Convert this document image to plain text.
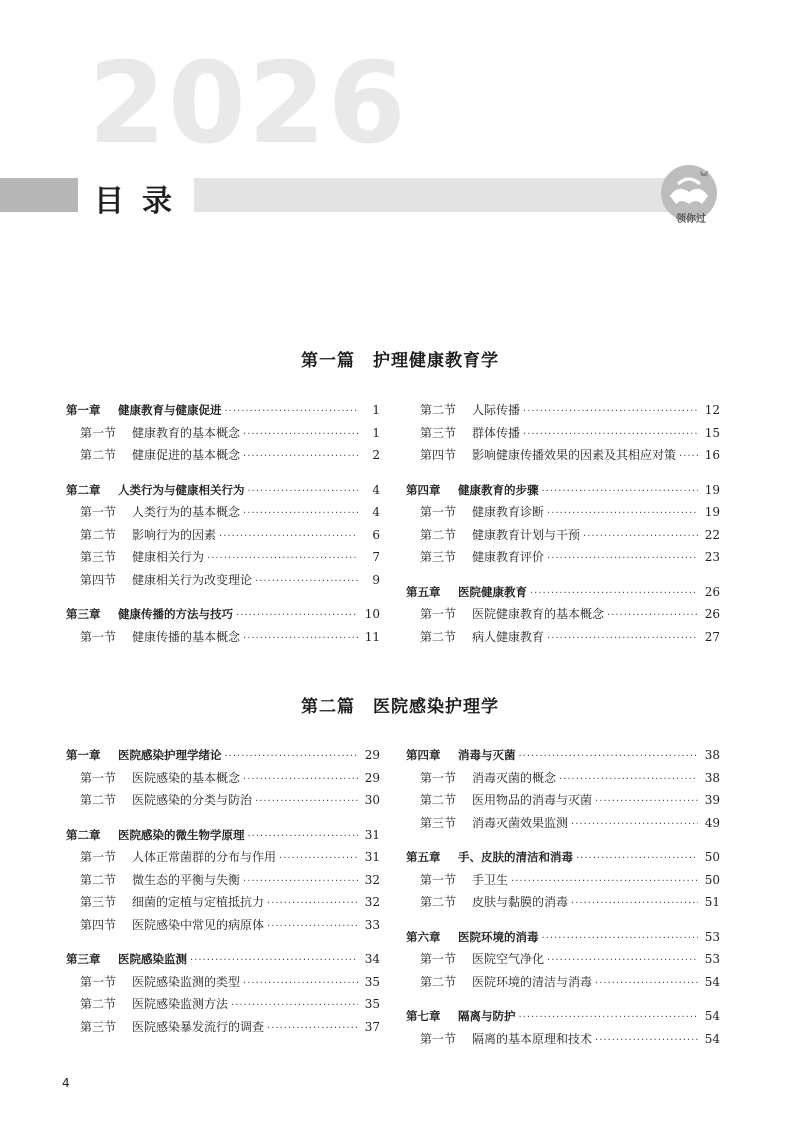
2026
目录
领你过
第一篇 护理健康教育学
第二篇 医院感染护理学
第一章	健康教育与健康促进 ·····	1
第一节	健康教育的基本概念 ·····	1
第二节	健康促进的基本概念 ·····	2
第二章	人类行为与健康相关行为 ·····	4
第一节	人类行为的基本概念 ·····	4
第二节	影响行为的因素 ·····	6
第三节	健康相关行为 ·····	7
第四节	健康相关行为改变理论 ·····	9
第三章	健康传播的方法与技巧 ·····	10
第一节	健康传播的基本概念 ·····	11
第二节	人际传播 ·····	12
第三节	群体传播 ·····	15
第四节	影响健康传播效果的因素及其相应对策 ·····	16
第四章	健康教育的步骤 ·····	19
第一节	健康教育诊断 ·····	19
第二节	健康教育计划与干预 ·····	22
第三节	健康教育评价 ·····	23
第五章	医院健康教育 ·····	26
第一节	医院健康教育的基本概念 ·····	26
第二节	病人健康教育 ·····	27
第一章	医院感染护理学绪论 ·····	29
第一节	医院感染的基本概念 ·····	29
第二节	医院感染的分类与防治 ·····	30
第二章	医院感染的微生物学原理 ·····	31
第一节	人体正常菌群的分布与作用 ·····	31
第二节	微生态的平衡与失衡 ·····	32
第三节	细菌的定植与定植抵抗力 ·····	32
第四节	医院感染中常见的病原体 ·····	33
第三章	医院感染监测 ·····	34
第一节	医院感染监测的类型 ·····	35
第二节	医院感染监测方法 ·····	35
第三节	医院感染暴发流行的调查 ·····	37
第四章	消毒与灭菌 ·····	38
第一节	消毒灭菌的概念 ·····	38
第二节	医用物品的消毒与灭菌 ·····	39
第三节	消毒灭菌效果监测 ·····	49
第五章	手、皮肤的清洁和消毒 ·····	50
第一节	手卫生 ·····	50
第二节	皮肤与黏膜的消毒 ·····	51
第六章	医院环境的消毒 ·····	53
第一节	医院空气净化 ·····	53
第二节	医院环境的清洁与消毒 ·····	54
第七章	隔离与防护 ·····	54
第一节	隔离的基本原理和技术 ·····	54
4
